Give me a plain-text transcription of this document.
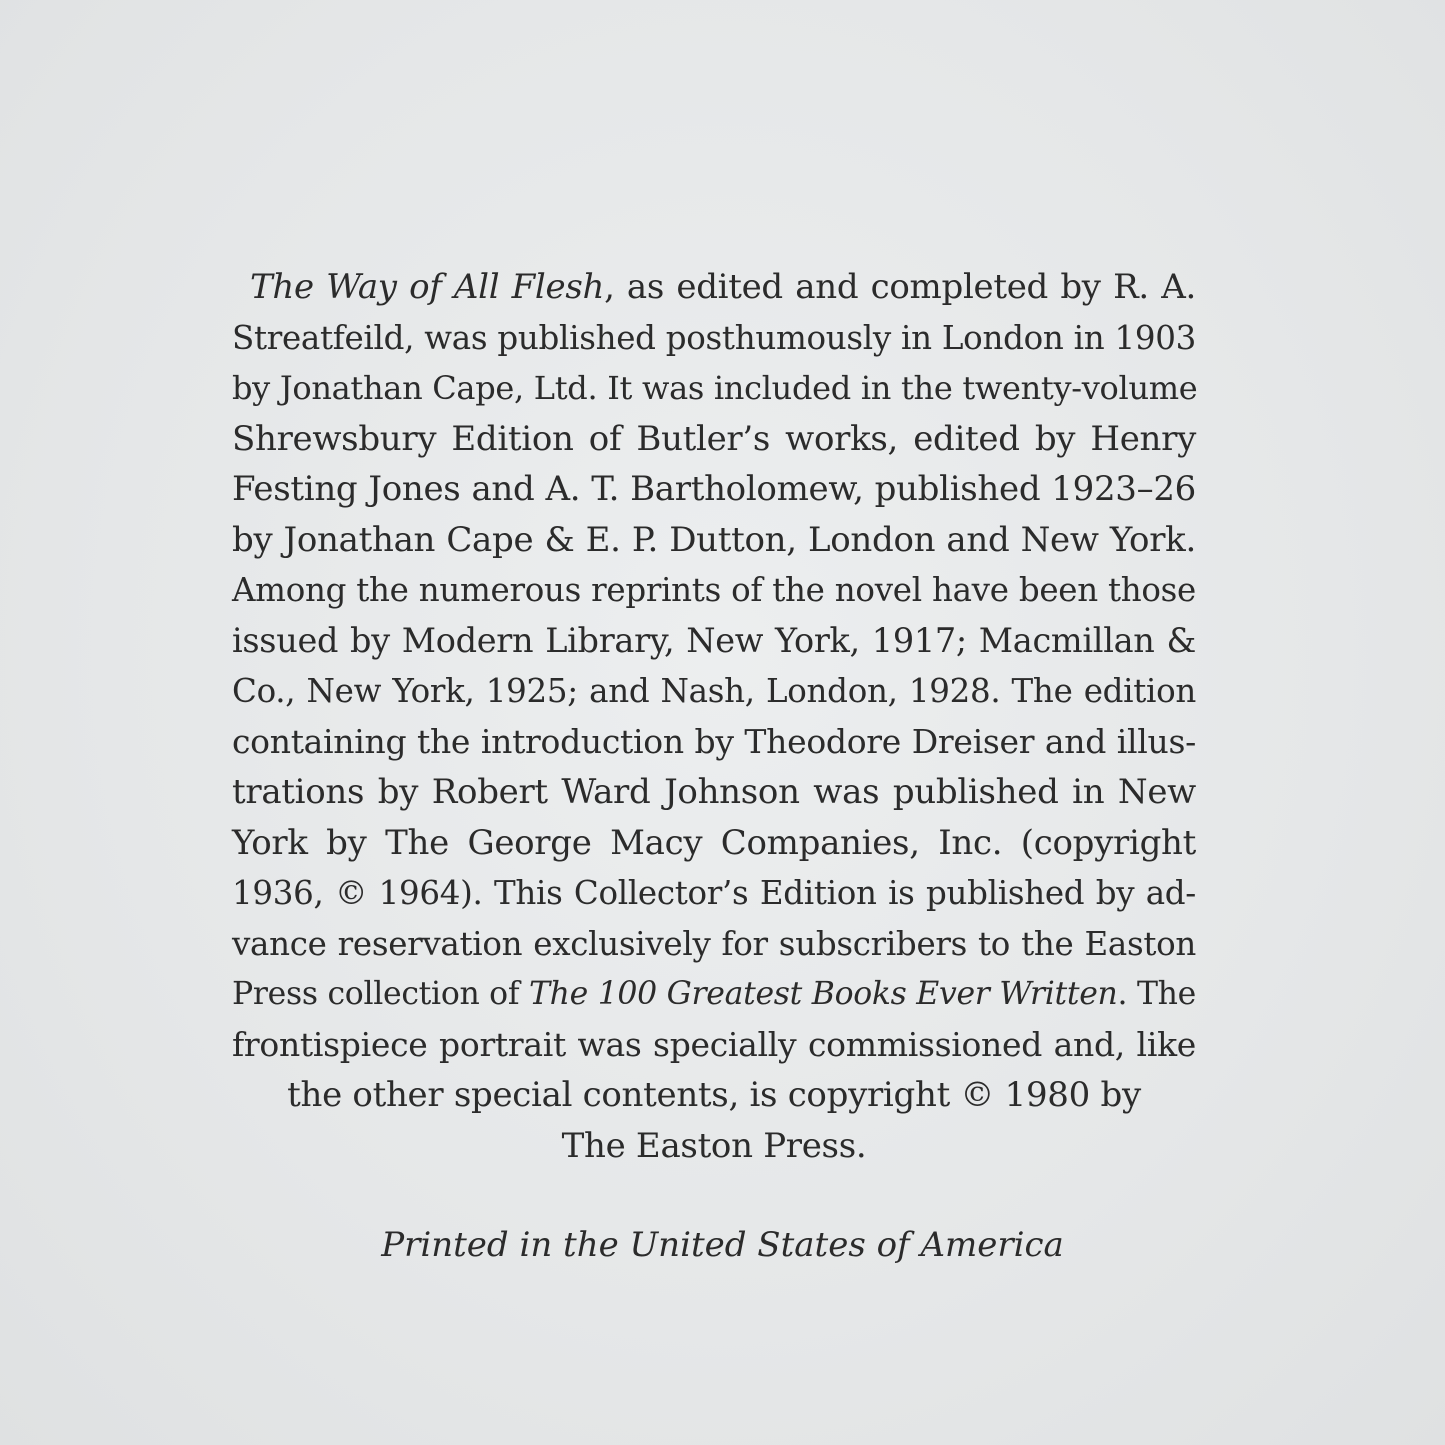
The Way of All Flesh, as edited and completed by R. A.
Streatfeild, was published posthumously in London in 1903
by Jonathan Cape, Ltd. It was included in the twenty-volume
Shrewsbury Edition of Butler’s works, edited by Henry
Festing Jones and A. T. Bartholomew, published 1923–26
by Jonathan Cape & E. P. Dutton, London and New York.
Among the numerous reprints of the novel have been those
issued by Modern Library, New York, 1917; Macmillan &
Co., New York, 1925; and Nash, London, 1928. The edition
containing the introduction by Theodore Dreiser and illus-
trations by Robert Ward Johnson was published in New
York by The George Macy Companies, Inc. (copyright
1936, © 1964). This Collector’s Edition is published by ad-
vance reservation exclusively for subscribers to the Easton
Press collection of The 100 Greatest Books Ever Written. The
frontispiece portrait was specially commissioned and, like
the other special contents, is copyright © 1980 by
The Easton Press.
Printed in the United States of America
